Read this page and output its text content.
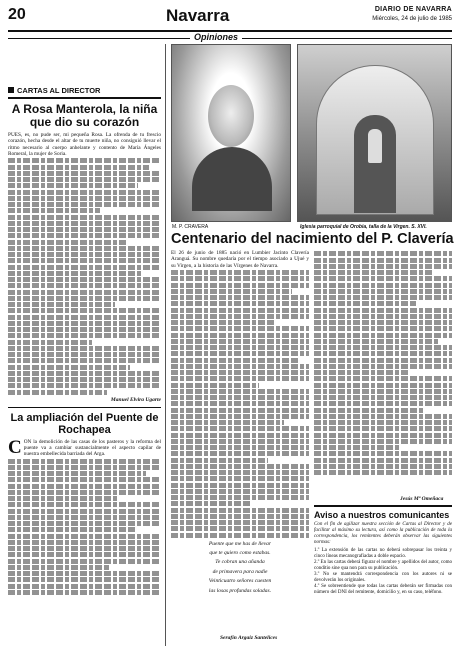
20	Navarra	DIARIO DE NAVARRA
Miércoles, 24 de julio de 1985
Opiniones
CARTAS AL DIRECTOR
A Rosa Manterola, la niña que dio su corazón

PUES, es, no pude ser, mi pequeña Rosa. La ofrenda de tu frescio corazón, hecha desde el altar de tu muerte niña, no consiguió llevar el ritmo necesario al cuerpo anhelante y contento de María Ángeles Romeral, la mujer de Soria.

Manuel Elvira Ugarte
La ampliación del Puente de Rochapea

CON la demolición de las casas de los pasteros y la reforma del puente va a cambiar sustancialmente el aspecto capilar de nuestra embellecida barriada del Arga.

M. P. CRAVERA	Iglesia parroquial de Orobia, talla de la Virgen. S. XVI.
Centenario del nacimiento del P. Clavería

El 26 de junio de 1885 nació en Lumbier Jacinto Clavería Aranguá. Su nombre quedaría por el tiempo asociado a Ujué y su Virgen, a la historia de las Vírgenes de Navarra.

Puente que me has de llevar
que te quiero como estabas.
Te cobran una añanda
de primavera para nadie
Veinticuatro señores cuesten
las losas profundas soladas.
Serafín Argaiz Santelices
Jesús Mª Omeñaca
Aviso a nuestros comunicantes

Con el fin de agilizar nuestra sección de Cartas al Director y de facilitar al máximo su lectura, así como la publicación de toda la correspondencia, los remitentes deberán observar las siguientes normas:

1.º La extensión de las cartas no deberá sobrepasar los treinta y cinco líneas mecanografiadas a doble espacio.

2.º En las cartas deberá figurar el nombre y apellidos del autor, como conditio sine qua non para su publicación.

3.º No se mantendrá correspondencia con los autores ni se devolverán los originales.

4.º Se sobreentiende que todas las cartas deberán ser firmadas con número del DNI del remitente, domicilio y, en su caso, teléfono.
